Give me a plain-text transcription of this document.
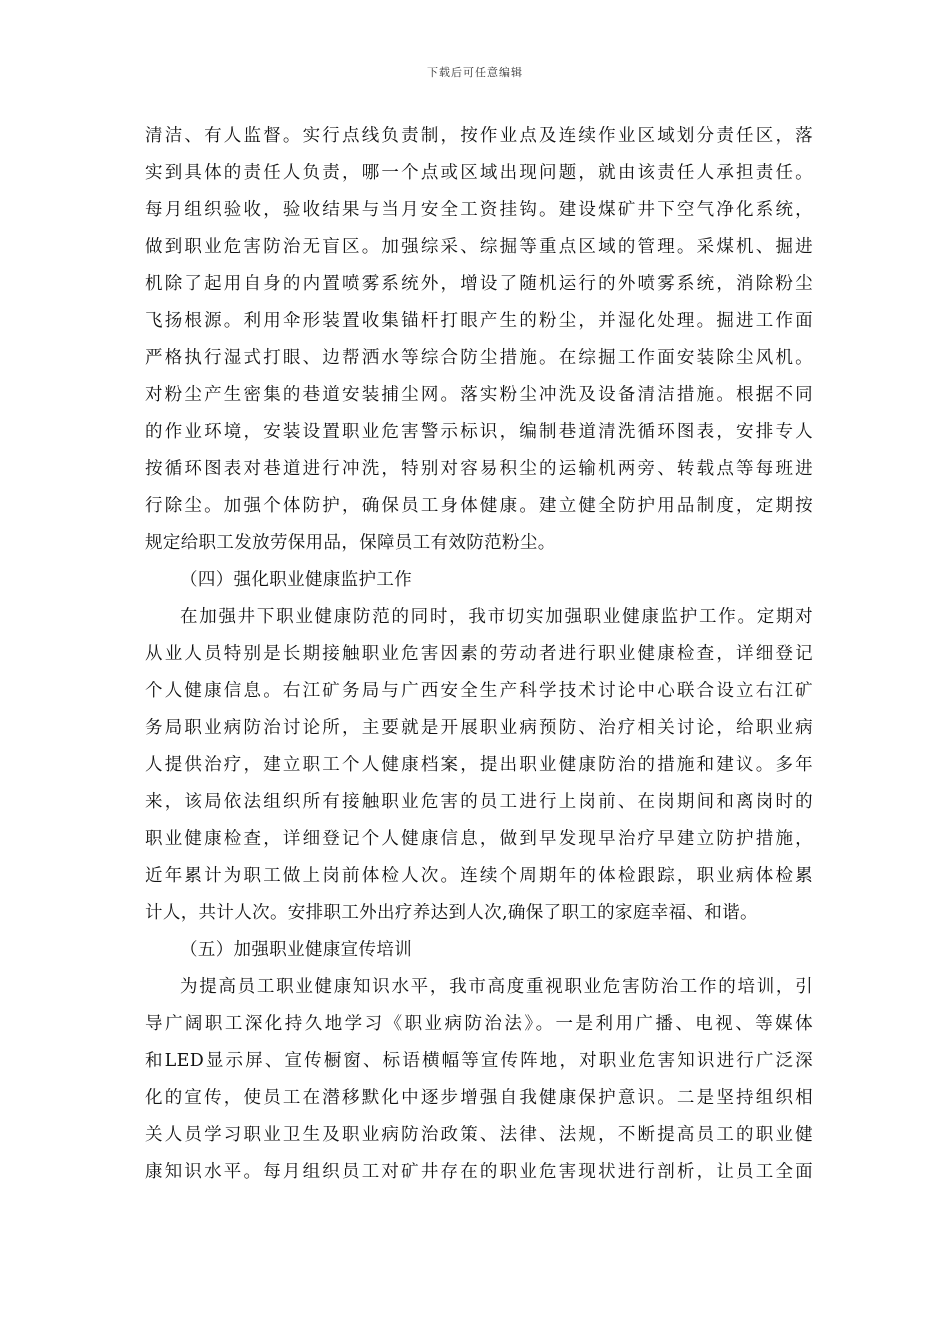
下载后可任意编辑
清洁、有人监督。实行点线负责制，按作业点及连续作业区域划分责任区，落
实到具体的责任人负责，哪一个点或区域出现问题，就由该责任人承担责任。
每月组织验收，验收结果与当月安全工资挂钩。建设煤矿井下空气净化系统，
做到职业危害防治无盲区。加强综采、综掘等重点区域的管理。采煤机、掘进
机除了起用自身的内置喷雾系统外，增设了随机运行的外喷雾系统，消除粉尘
飞扬根源。利用伞形装置收集锚杆打眼产生的粉尘，并湿化处理。掘进工作面
严格执行湿式打眼、边帮洒水等综合防尘措施。在综掘工作面安装除尘风机。
对粉尘产生密集的巷道安装捕尘网。落实粉尘冲洗及设备清洁措施。根据不同
的作业环境，安装设置职业危害警示标识，编制巷道清洗循环图表，安排专人
按循环图表对巷道进行冲洗，特别对容易积尘的运输机两旁、转载点等每班进
行除尘。加强个体防护，确保员工身体健康。建立健全防护用品制度，定期按
规定给职工发放劳保用品，保障员工有效防范粉尘。
（四）强化职业健康监护工作
在加强井下职业健康防范的同时，我市切实加强职业健康监护工作。定期对
从业人员特别是长期接触职业危害因素的劳动者进行职业健康检查，详细登记
个人健康信息。右江矿务局与广西安全生产科学技术讨论中心联合设立右江矿
务局职业病防治讨论所，主要就是开展职业病预防、治疗相关讨论，给职业病
人提供治疗，建立职工个人健康档案，提出职业健康防治的措施和建议。多年
来，该局依法组织所有接触职业危害的员工进行上岗前、在岗期间和离岗时的
职业健康检查，详细登记个人健康信息，做到早发现早治疗早建立防护措施，
近年累计为职工做上岗前体检人次。连续个周期年的体检跟踪，职业病体检累
计人，共计人次。安排职工外出疗养达到人次,确保了职工的家庭幸福、和谐。
（五）加强职业健康宣传培训
为提高员工职业健康知识水平，我市高度重视职业危害防治工作的培训，引
导广阔职工深化持久地学习《职业病防治法》。一是利用广播、电视、等媒体
和LED显示屏、宣传橱窗、标语横幅等宣传阵地，对职业危害知识进行广泛深
化的宣传，使员工在潜移默化中逐步增强自我健康保护意识。二是坚持组织相
关人员学习职业卫生及职业病防治政策、法律、法规，不断提高员工的职业健
康知识水平。每月组织员工对矿井存在的职业危害现状进行剖析，让员工全面
